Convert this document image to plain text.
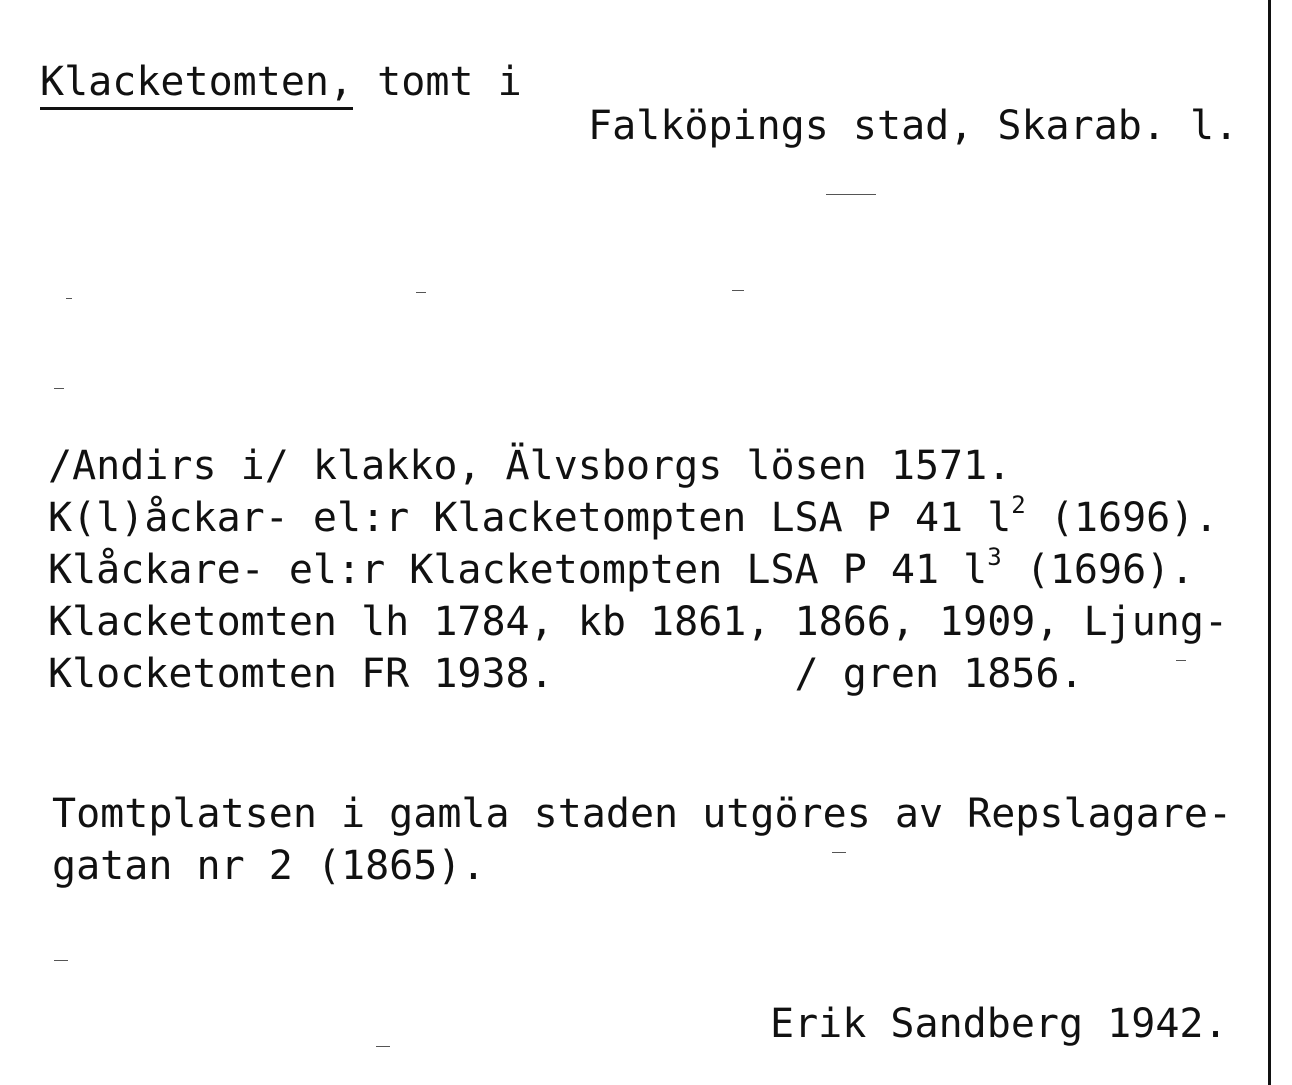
Klacketomten, tomt i
Falköpings stad, Skarab. l.
/Andirs i/ klakko, Älvsborgs lösen 1571.
K(l)åckar- el:r Klacketompten LSA P 41 $l^2$ (1696).
Klåckare- el:r Klacketompten LSA P 41 $l^3$ (1696).
Klacketomten lh 1784, kb 1861, 1866, 1909, Ljung-
Klocketomten FR 1938.          / gren 1856.
Tomtplatsen i gamla staden utgöres av Repslagare-
gatan nr 2 (1865).
Erik Sandberg 1942.
